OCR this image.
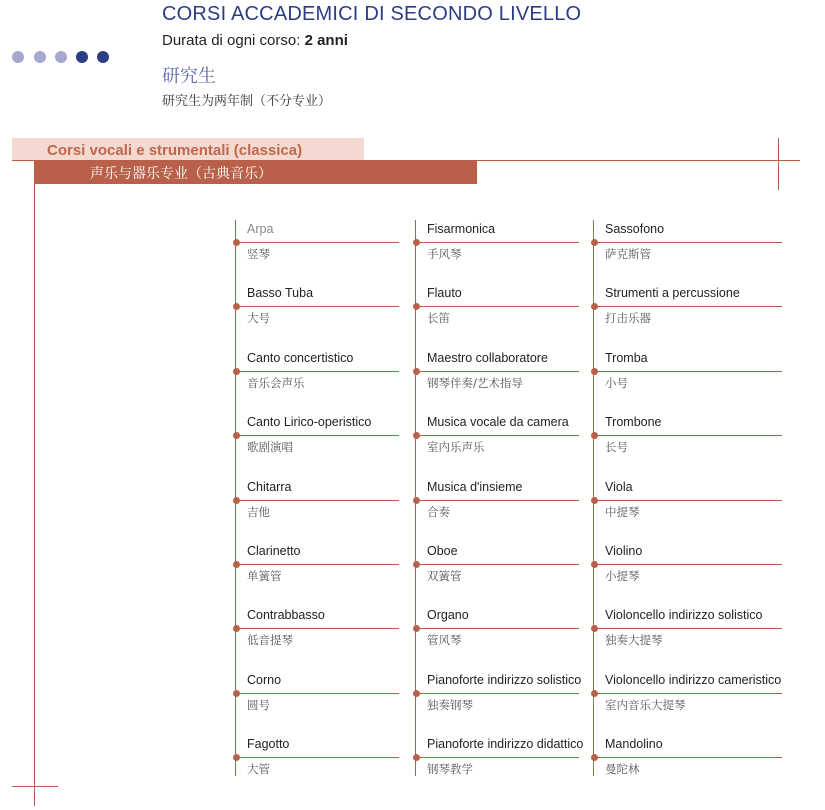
CORSI ACCADEMICI DI SECONDO LIVELLO
Durata di ogni corso: 2 anni
研究生
研究生为两年制（不分专业）
Corsi vocali e strumentali (classica)
声乐与器乐专业（古典音乐）
Arpa
竖琴
Basso Tuba
大号
Canto concertistico
音乐会声乐
Canto Lirico-operistico
歌剧演唱
Chitarra
吉他
Clarinetto
单簧管
Contrabbasso
低音提琴
Corno
圆号
Fagotto
大管
Fisarmonica
手风琴
Flauto
长笛
Maestro collaboratore
钢琴伴奏/艺术指导
Musica vocale da camera
室内乐声乐
Musica d'insieme
合奏
Oboe
双簧管
Organo
管风琴
Pianoforte indirizzo solistico
独奏钢琴
Pianoforte indirizzo didattico
钢琴教学
Sassofono
萨克斯管
Strumenti a percussione
打击乐器
Tromba
小号
Trombone
长号
Viola
中提琴
Violino
小提琴
Violoncello indirizzo solistico
独奏大提琴
Violoncello indirizzo cameristico
室内音乐大提琴
Mandolino
曼陀林
